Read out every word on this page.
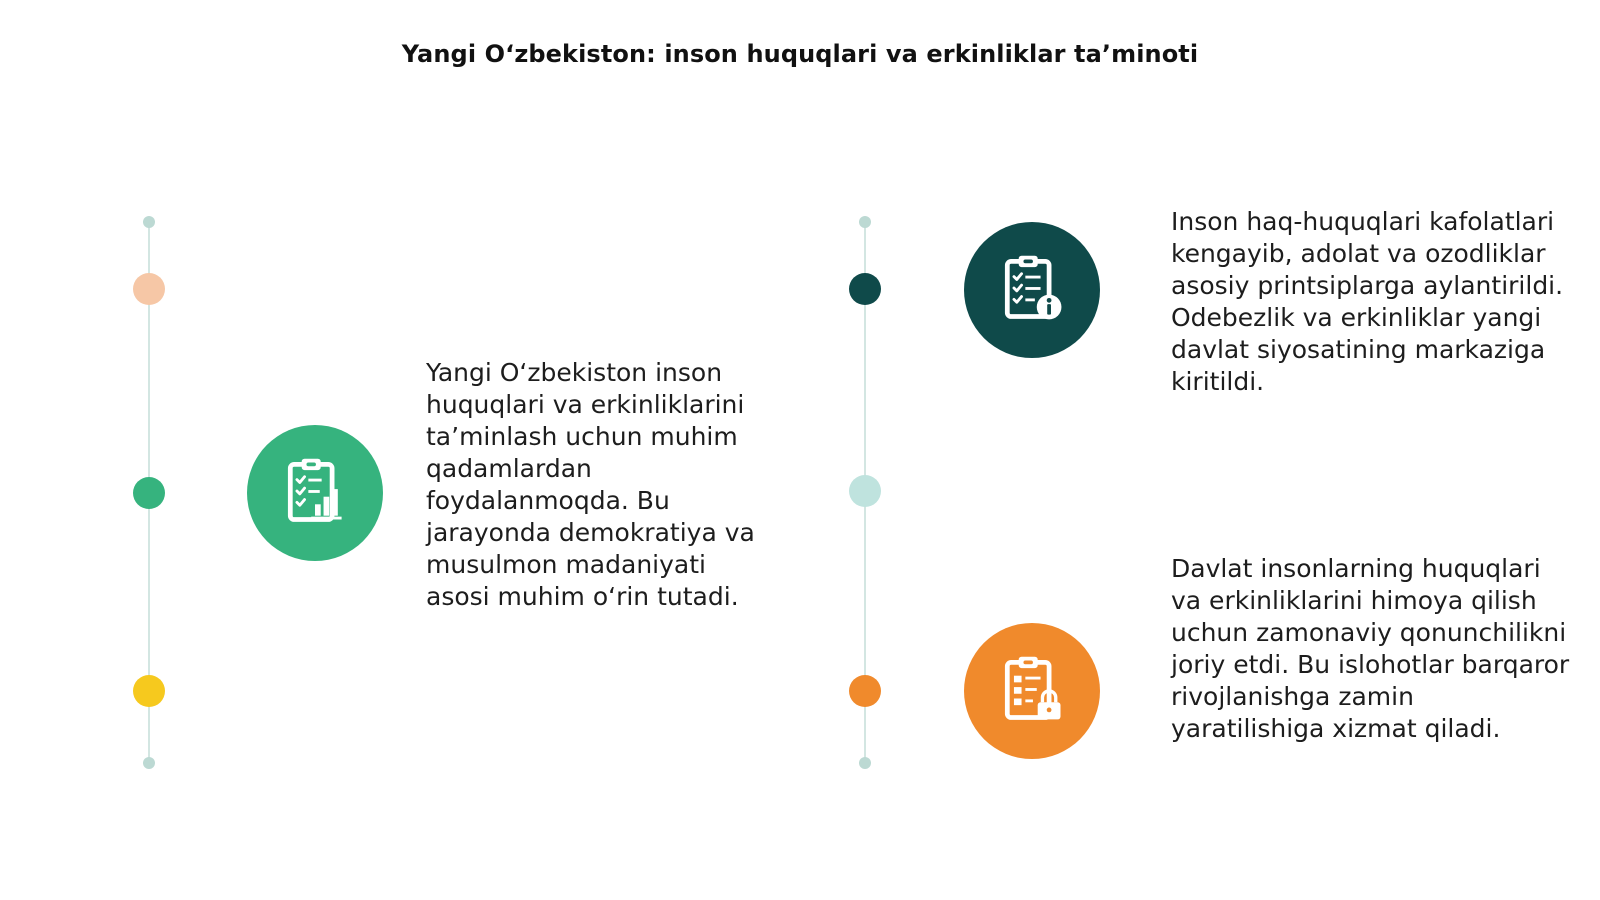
Yangi O‘zbekiston: inson huquqlari va erkinliklar ta’minoti

Yangi O‘zbekiston inson huquqlari va erkinliklarini ta’minlash uchun muhim qadamlardan foydalanmoqda. Bu jarayonda demokratiya va musulmon madaniyati asosi muhim o‘rin tutadi.

Inson haq-huquqlari kafolatlari kengayib, adolat va ozodliklar asosiy printsiplarga aylantirildi. Odebezlik va erkinliklar yangi davlat siyosatining markaziga kiritildi.

Davlat insonlarning huquqlari va erkinliklarini himoya qilish uchun zamonaviy qonunchilikni joriy etdi. Bu islohotlar barqaror rivojlanishga zamin yaratilishiga xizmat qiladi.
